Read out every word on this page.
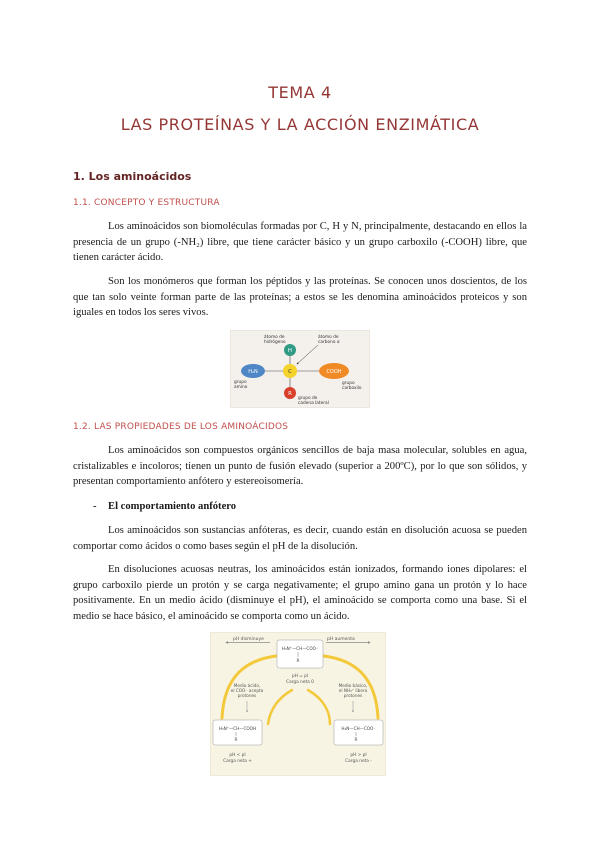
TEMA 4
LAS PROTEÍNAS Y LA ACCIÓN ENZIMÁTICA
1. Los aminoácidos
1.1. CONCEPTO Y ESTRUCTURA

Los aminoácidos son biomoléculas formadas por C, H y N, principalmente, destacando en ellos la presencia de un grupo (-NH₂) libre, que tiene carácter básico y un grupo carboxilo (-COOH) libre, que tienen carácter ácido.

Son los monómeros que forman los péptidos y las proteínas. Se conocen unos doscientos, de los que tan solo veinte forman parte de las proteínas; a estos se les denomina aminoácidos proteicos y son iguales en todos los seres vivos.

H₂N	COOH
H
C
R
átomo de
hidrógeno
átomo de
carbono α
grupo
amino
grupo
carboxilo
grupo de
cadena lateral
1.2. LAS PROPIEDADES DE LOS AMINOÁCIDOS

Los aminoácidos son compuestos orgánicos sencillos de baja masa molecular, solubles en agua, cristalizables e incoloros; tienen un punto de fusión elevado (superior a 200ºC), por lo que son sólidos, y presentan comportamiento anfótero y estereoisomería.

- El comportamiento anfótero

Los aminoácidos son sustancias anfóteras, es decir, cuando están en disolución acuosa se pueden comportar como ácidos o como bases según el pH de la disolución.

En disoluciones acuosas neutras, los aminoácidos están ionizados, formando iones dipolares: el grupo carboxilo pierde un protón y se carga negativamente; el grupo amino gana un protón y lo hace positivamente. En un medio ácido (disminuye el pH), el aminoácido se comporta como una base. Si el medio se hace básico, el aminoácido se comporta como un ácido.

pH disminuye	pH aumenta
H₃N⁺—CH—COO⁻
R
pH = pI
Carga neta 0
Medio ácido,
el COO⁻ acepta
protones
Medio básico,
el NH₃⁺ libera
protones
H₃N⁺—CH—COOH
R
pH < pI
Carga neta +
H₂N—CH—COO⁻
R
pH > pI
Carga neta -
